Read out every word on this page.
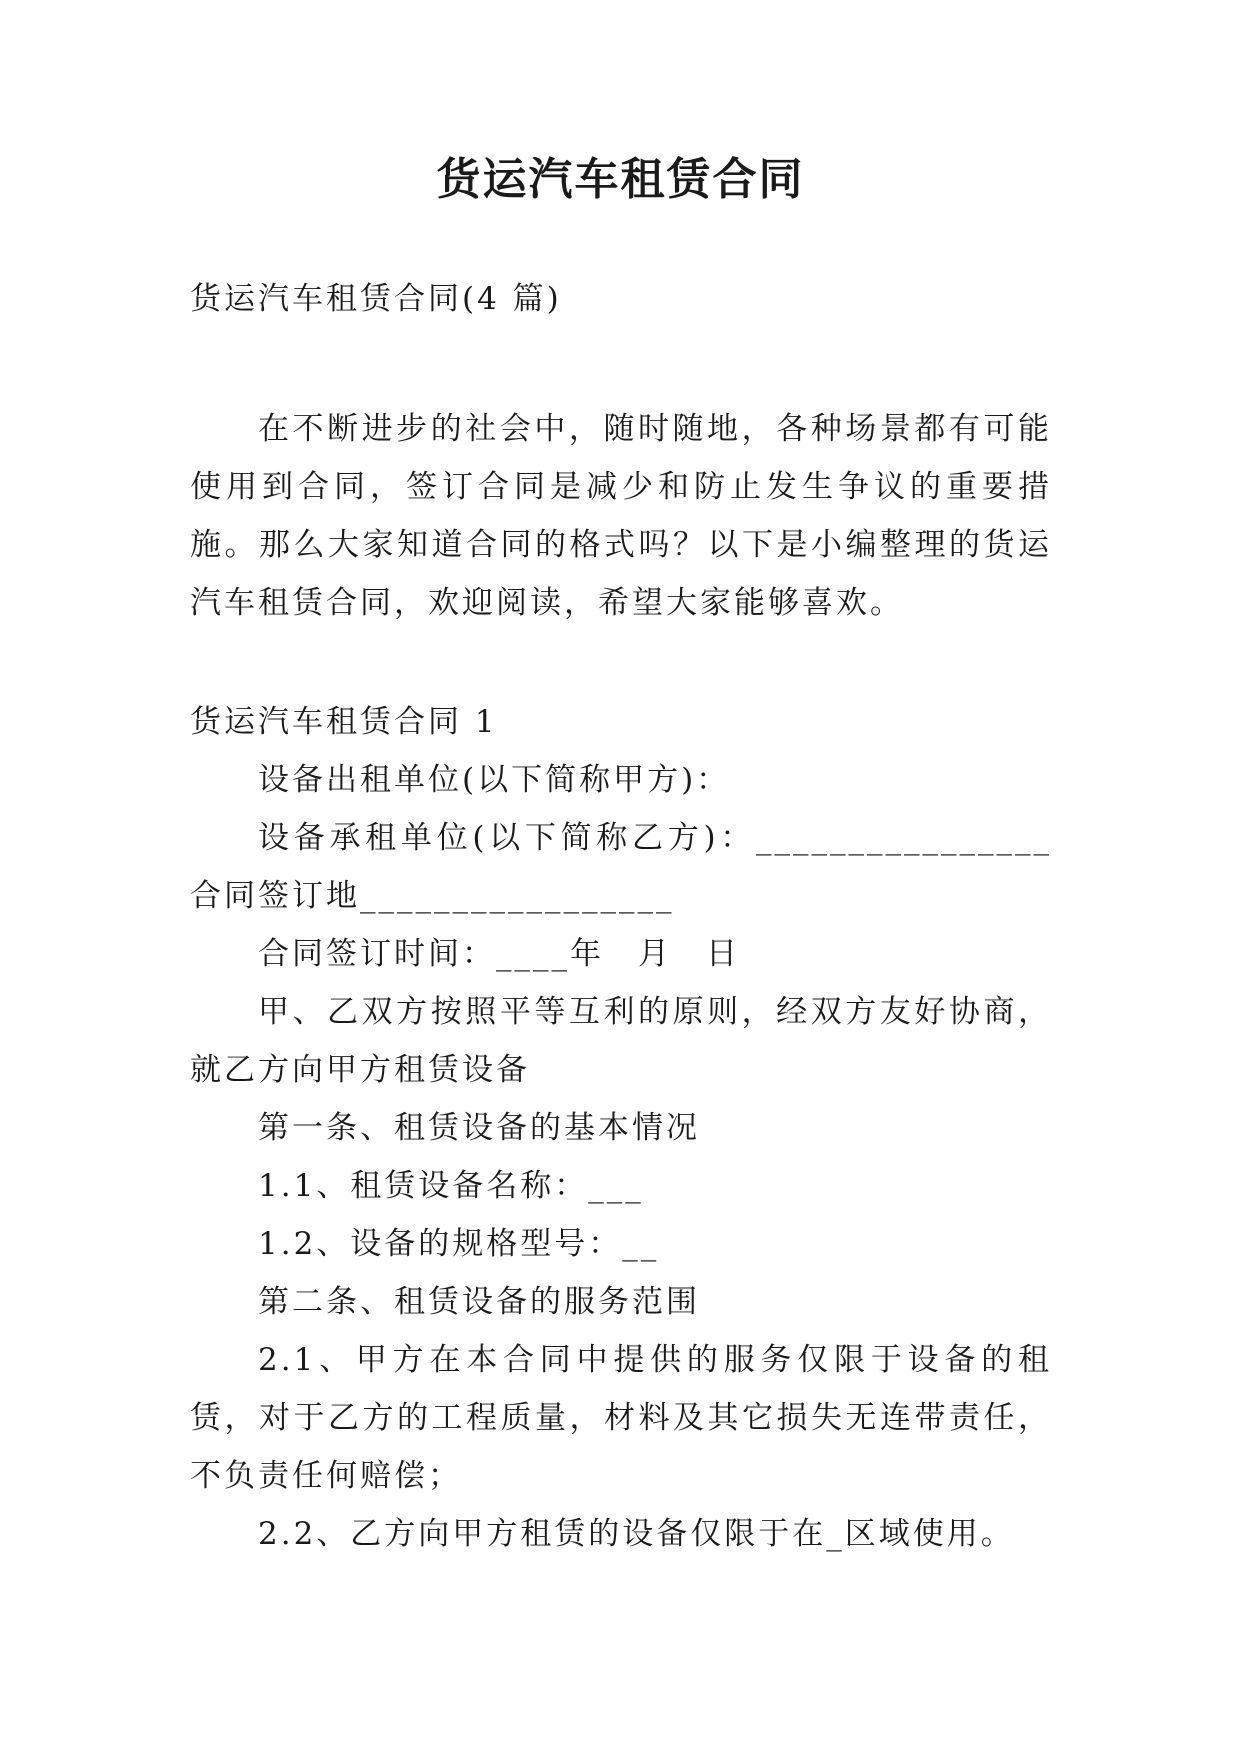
货运汽车租赁合同

货运汽车租赁合同(4 篇)

在不断进步的社会中，随时随地，各种场景都有可能使用到合同，签订合同是减少和防止发生争议的重要措施。那么大家知道合同的格式吗？以下是小编整理的货运汽车租赁合同，欢迎阅读，希望大家能够喜欢。

货运汽车租赁合同 1

设备出租单位(以下简称甲方)：

设备承租单位(以下简称乙方)：________________合同签订地_________________

合同签订时间：____年　月　日

甲、乙双方按照平等互利的原则，经双方友好协商，就乙方向甲方租赁设备

第一条、租赁设备的基本情况

1.1、租赁设备名称：___

1.2、设备的规格型号：__

第二条、租赁设备的服务范围

2.1、甲方在本合同中提供的服务仅限于设备的租赁，对于乙方的工程质量，材料及其它损失无连带责任，不负责任何赔偿；

2.2、乙方向甲方租赁的设备仅限于在_区域使用。
